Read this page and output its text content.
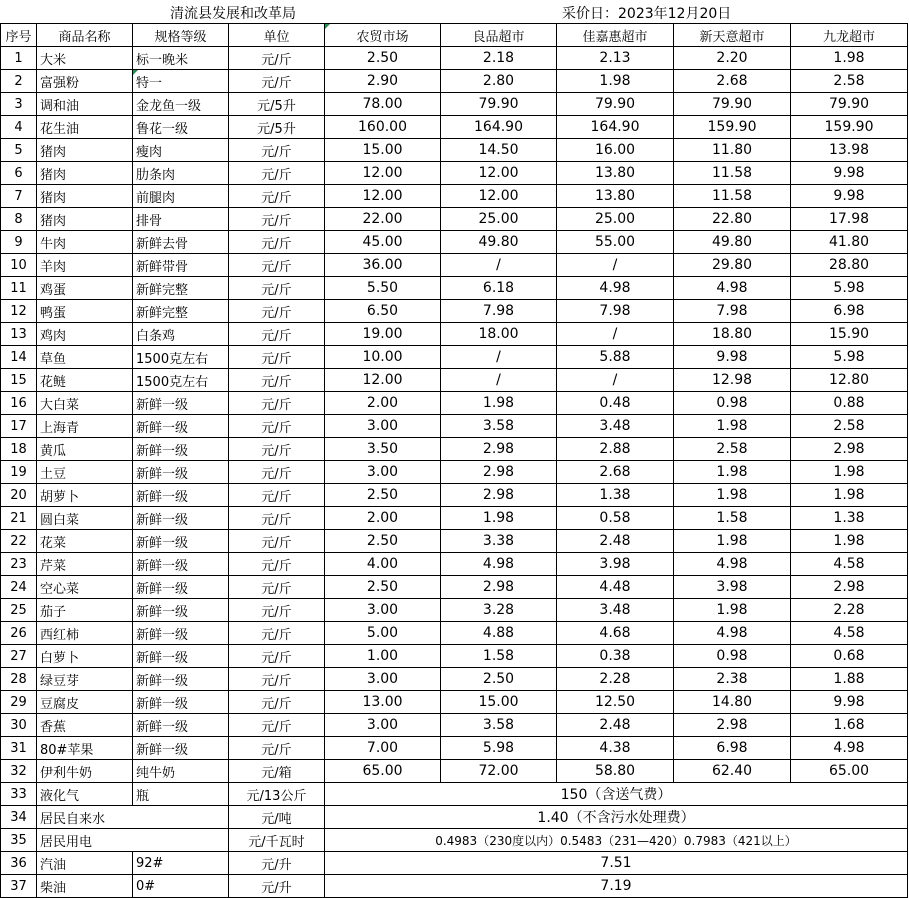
清流县发展和改革局	采价日：2023年12月20日
序号	商品名称	规格等级	单位	农贸市场	良品超市	佳嘉惠超市	新天意超市	九龙超市
1	大米	标一晚米	元/斤	2.50	2.18	2.13	2.20	1.98
2	富强粉	特一	元/斤	2.90	2.80	1.98	2.68	2.58
3	调和油	金龙鱼一级	元/5升	78.00	79.90	79.90	79.90	79.90
4	花生油	鲁花一级	元/5升	160.00	164.90	164.90	159.90	159.90
5	猪肉	瘦肉	元/斤	15.00	14.50	16.00	11.80	13.98
6	猪肉	肋条肉	元/斤	12.00	12.00	13.80	11.58	9.98
7	猪肉	前腿肉	元/斤	12.00	12.00	13.80	11.58	9.98
8	猪肉	排骨	元/斤	22.00	25.00	25.00	22.80	17.98
9	牛肉	新鲜去骨	元/斤	45.00	49.80	55.00	49.80	41.80
10	羊肉	新鲜带骨	元/斤	36.00	/	/	29.80	28.80
11	鸡蛋	新鲜完整	元/斤	5.50	6.18	4.98	4.98	5.98
12	鸭蛋	新鲜完整	元/斤	6.50	7.98	7.98	7.98	6.98
13	鸡肉	白条鸡	元/斤	19.00	18.00	/	18.80	15.90
14	草鱼	1500克左右	元/斤	10.00	/	5.88	9.98	5.98
15	花鲢	1500克左右	元/斤	12.00	/	/	12.98	12.80
16	大白菜	新鲜一级	元/斤	2.00	1.98	0.48	0.98	0.88
17	上海青	新鲜一级	元/斤	3.00	3.58	3.48	1.98	2.58
18	黄瓜	新鲜一级	元/斤	3.50	2.98	2.88	2.58	2.98
19	土豆	新鲜一级	元/斤	3.00	2.98	2.68	1.98	1.98
20	胡萝卜	新鲜一级	元/斤	2.50	2.98	1.38	1.98	1.98
21	圆白菜	新鲜一级	元/斤	2.00	1.98	0.58	1.58	1.38
22	花菜	新鲜一级	元/斤	2.50	3.38	2.48	1.98	1.98
23	芹菜	新鲜一级	元/斤	4.00	4.98	3.98	4.98	4.58
24	空心菜	新鲜一级	元/斤	2.50	2.98	4.48	3.98	2.98
25	茄子	新鲜一级	元/斤	3.00	3.28	3.48	1.98	2.28
26	西红柿	新鲜一级	元/斤	5.00	4.88	4.68	4.98	4.58
27	白萝卜	新鲜一级	元/斤	1.00	1.58	0.38	0.98	0.68
28	绿豆芽	新鲜一级	元/斤	3.00	2.50	2.28	2.38	1.88
29	豆腐皮	新鲜一级	元/斤	13.00	15.00	12.50	14.80	9.98
30	香蕉	新鲜一级	元/斤	3.00	3.58	2.48	2.98	1.68
31	80#苹果	新鲜一级	元/斤	7.00	5.98	4.38	6.98	4.98
32	伊利牛奶	纯牛奶	元/箱	65.00	72.00	58.80	62.40	65.00
33	液化气	瓶	元/13公斤	150（含送气费）				
34	居民自来水		元/吨	1.40（不含污水处理费）				
35	居民用电		元/千瓦时	0.4983（230度以内）0.5483（231—420）0.7983（421以上）				
36	汽油	92#	元/升	7.51				
37	柴油	0#	元/升	7.19				
